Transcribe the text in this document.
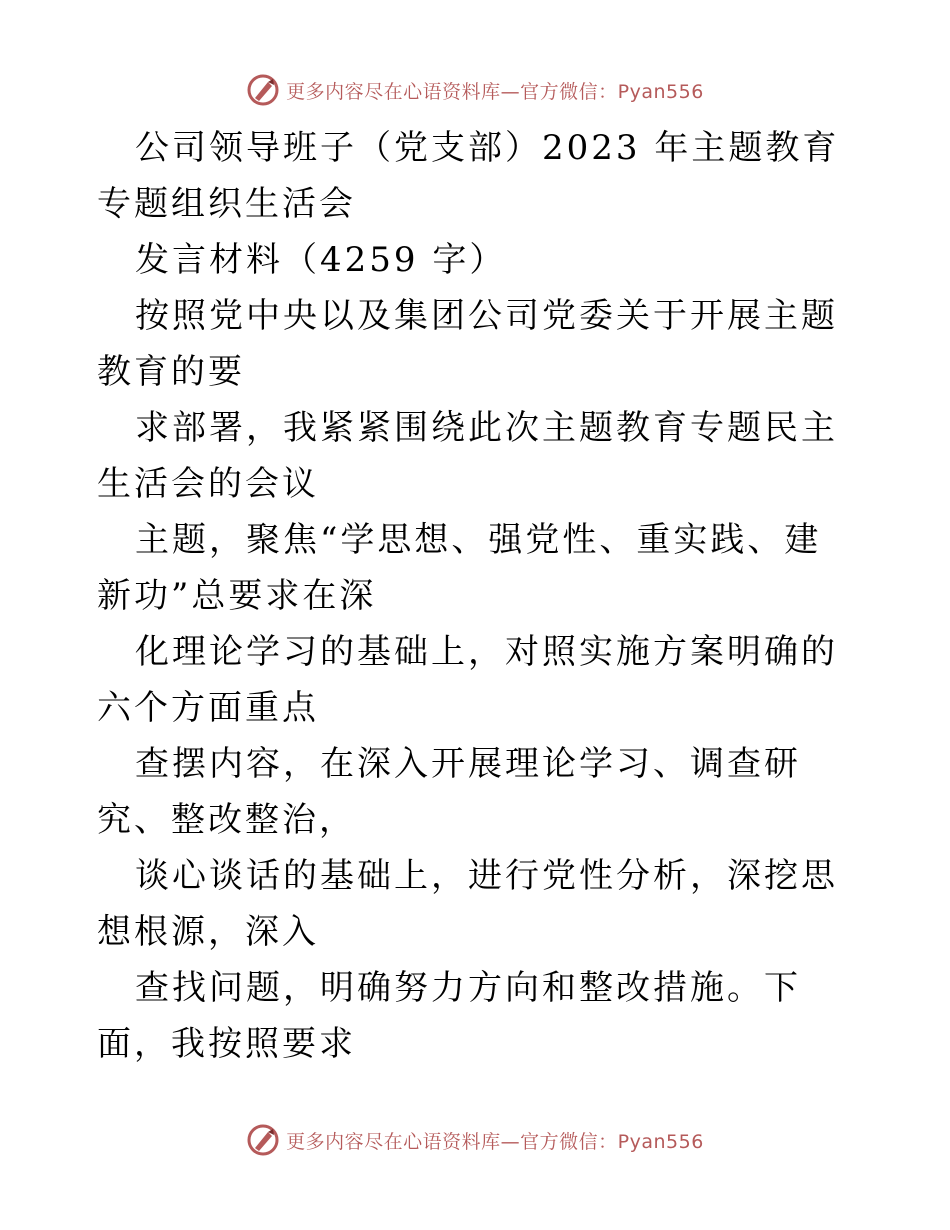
更多内容尽在心语资料库—官方微信：Pyan556

公司领导班子（党支部）2023 年主题教育专题组织生活会

发言材料（4259 字）

按照党中央以及集团公司党委关于开展主题教育的要

求部署，我紧紧围绕此次主题教育专题民主生活会的会议

主题，聚焦“学思想、强党性、重实践、建新功”总要求在深

化理论学习的基础上，对照实施方案明确的六个方面重点

查摆内容，在深入开展理论学习、调查研究、整改整治，

谈心谈话的基础上，进行党性分析，深挖思想根源，深入

查找问题，明确努力方向和整改措施。下面，我按照要求

更多内容尽在心语资料库—官方微信：Pyan556
